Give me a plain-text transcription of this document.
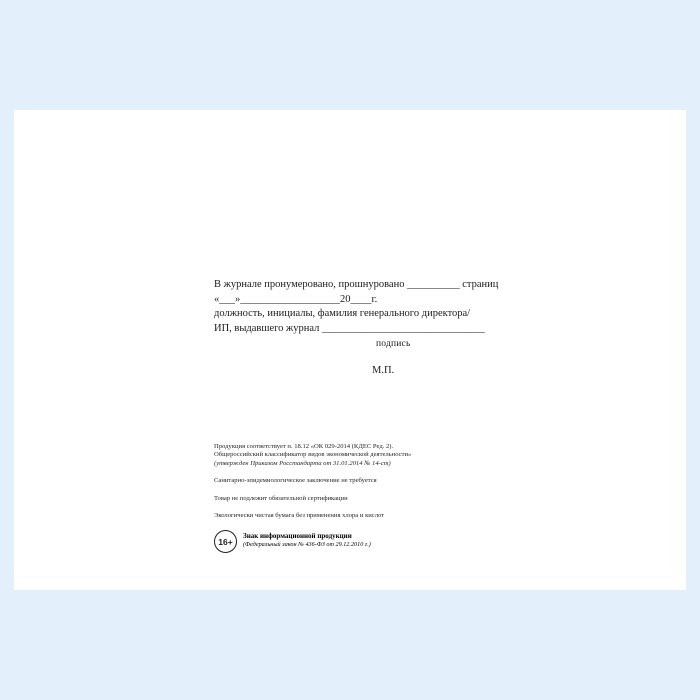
В журнале пронумеровано, прошнуровано __________ страниц
«___»___________________20____г.
должность, инициалы, фамилия генерального директора/
ИП, выдавшего журнал _______________________________
подпись
М.П.
Продукция соответствует п. 18.12 «ОК 029-2014 (КДЕС Ред. 2).
Общероссийский классификатор видов экономической деятельности»
(утвержден Приказом Росстандарта от 31.01.2014 № 14-ст)
Санитарно-эпидемиологическое заключение не требуется
Товар не подлежит обязательной сертификации
Экологически чистая бумага без применения хлора и кислот
16+
Знак информационной продукции
(Федеральный закон № 436-ФЗ от 29.12.2010 г.)
